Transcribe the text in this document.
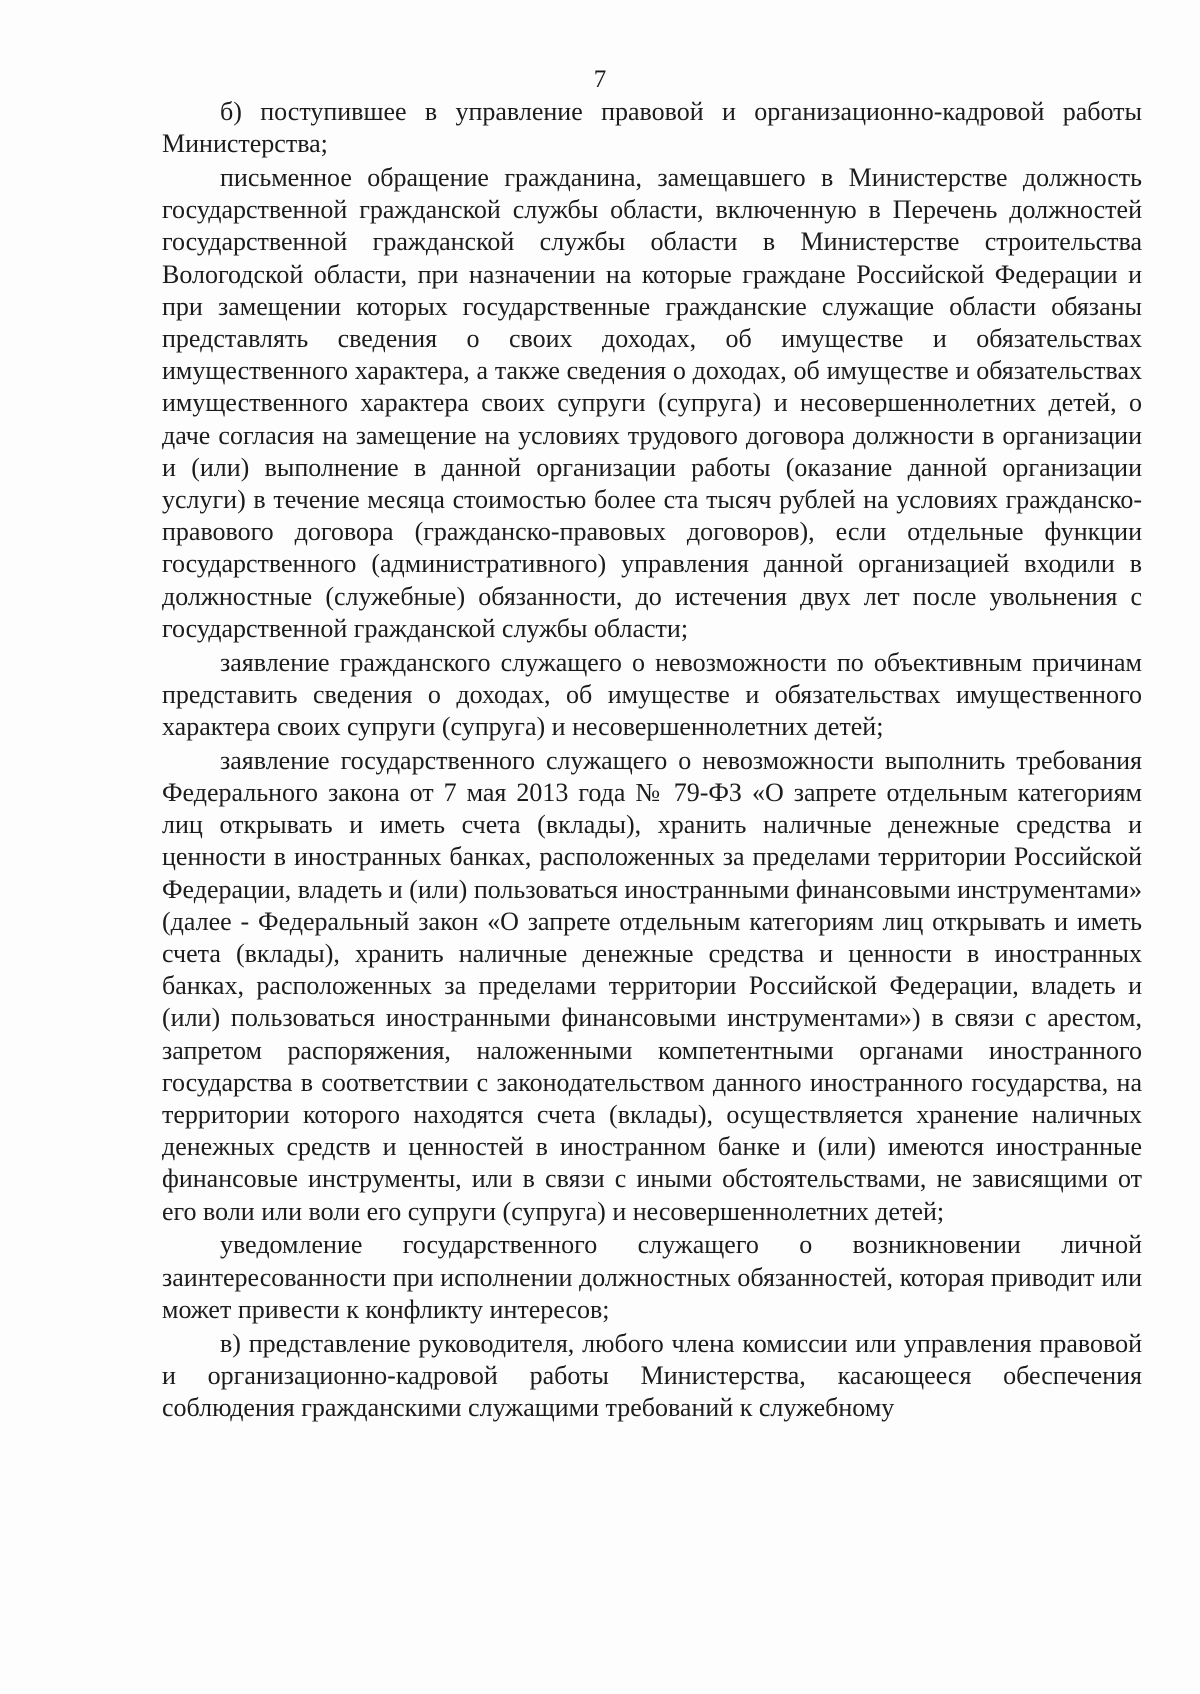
7

б) поступившее в управление правовой и организационно-кадровой работы Министерства;

письменное обращение гражданина, замещавшего в Министерстве должность государственной гражданской службы области, включенную в Перечень должностей государственной гражданской службы области в Министерстве строительства Вологодской области, при назначении на которые граждане Российской Федерации и при замещении которых государственные гражданские служащие области обязаны представлять сведения о своих доходах, об имуществе и обязательствах имущественного характера, а также сведения о доходах, об имуществе и обязательствах имущественного характера своих супруги (супруга) и несовершеннолетних детей, о даче согласия на замещение на условиях трудового договора должности в организации и (или) выполнение в данной организации работы (оказание данной организации услуги) в течение месяца стоимостью более ста тысяч рублей на условиях гражданско-правового договора (гражданско-правовых договоров), если отдельные функции государственного (административного) управления данной организацией входили в должностные (служебные) обязанности, до истечения двух лет после увольнения с государственной гражданской службы области;

заявление гражданского служащего о невозможности по объективным причинам представить сведения о доходах, об имуществе и обязательствах имущественного характера своих супруги (супруга) и несовершеннолетних детей;

заявление государственного служащего о невозможности выполнить требования Федерального закона от 7 мая 2013 года № 79-ФЗ «О запрете отдельным категориям лиц открывать и иметь счета (вклады), хранить наличные денежные средства и ценности в иностранных банках, расположенных за пределами территории Российской Федерации, владеть и (или) пользоваться иностранными финансовыми инструментами» (далее - Федеральный закон «О запрете отдельным категориям лиц открывать и иметь счета (вклады), хранить наличные денежные средства и ценности в иностранных банках, расположенных за пределами территории Российской Федерации, владеть и (или) пользоваться иностранными финансовыми инструментами») в связи с арестом, запретом распоряжения, наложенными компетентными органами иностранного государства в соответствии с законодательством данного иностранного государства, на территории которого находятся счета (вклады), осуществляется хранение наличных денежных средств и ценностей в иностранном банке и (или) имеются иностранные финансовые инструменты, или в связи с иными обстоятельствами, не зависящими от его воли или воли его супруги (супруга) и несовершеннолетних детей;

уведомление государственного служащего о возникновении личной заинтересованности при исполнении должностных обязанностей, которая приводит или может привести к конфликту интересов;

в) представление руководителя, любого члена комиссии или управления правовой и организационно-кадровой работы Министерства, касающееся обеспечения соблюдения гражданскими служащими требований к служебному
